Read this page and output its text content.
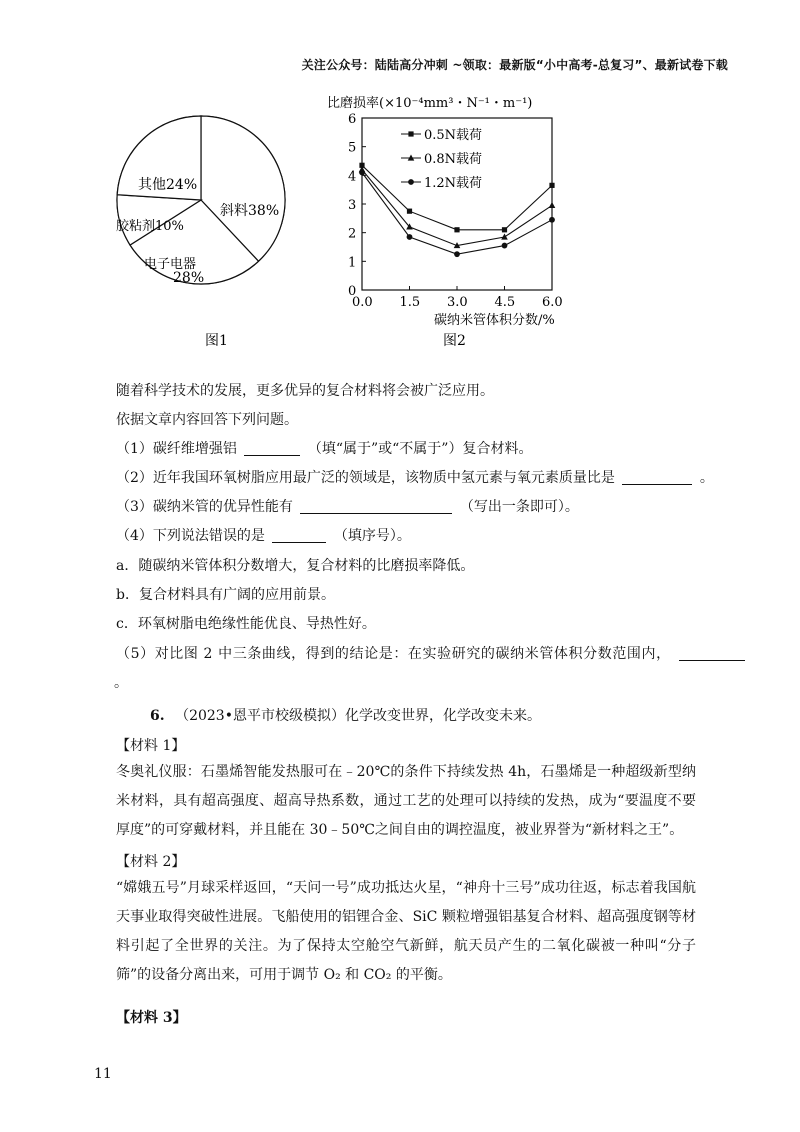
关注公众号：陆陆高分冲刺 ~领取：最新版“小中高考-总复习”、最新试卷下载
斜料38%
电子电器
28%
胶粘剂10%
其他24%
图1
比磨损率(×10⁻⁴mm³・N⁻¹・m⁻¹)
0
1
2
3
4
5
6
0.0 1.5 3.0 4.5 6.0
0.5N载荷
0.8N载荷
1.2N载荷
碳纳米管体积分数/%
图2
随着科学技术的发展，更多优异的复合材料将会被广泛应用。
依据文章内容回答下列问题。
（1）碳纤维增强铝	（填“属于”或“不属于”）复合材料。
（2）近年我国环氧树脂应用最广泛的领域是，该物质中氢元素与氧元素质量比是	。
（3）碳纳米管的优异性能有	（写出一条即可）。
（4）下列说法错误的是	（填序号）。
a．随碳纳米管体积分数增大，复合材料的比磨损率降低。
b．复合材料具有广阔的应用前景。
c．环氧树脂电绝缘性能优良、导热性好。
（5）对比图 2 中三条曲线，得到的结论是：在实验研究的碳纳米管体积分数范围内，
。
6. （2023•恩平市校级模拟）化学改变世界，化学改变未来。
【材料 1】
冬奥礼仪服：石墨烯智能发热服可在﹣20℃的条件下持续发热 4h，石墨烯是一种超级新型纳米材料，具有超高强度、超高导热系数，通过工艺的处理可以持续的发热，成为“要温度不要厚度”的可穿戴材料，并且能在 30﹣50℃之间自由的调控温度，被业界誉为“新材料之王”。
【材料 2】
“嫦娥五号”月球采样返回，“天问一号”成功抵达火星，“神舟十三号”成功往返，标志着我国航天事业取得突破性进展。飞船使用的铝锂合金、SiC 颗粒增强铝基复合材料、超高强度钢等材料引起了全世界的关注。为了保持太空舱空气新鲜，航天员产生的二氧化碳被一种叫“分子筛”的设备分离出来，可用于调节 O₂ 和 CO₂ 的平衡。
【材料 3】
11
